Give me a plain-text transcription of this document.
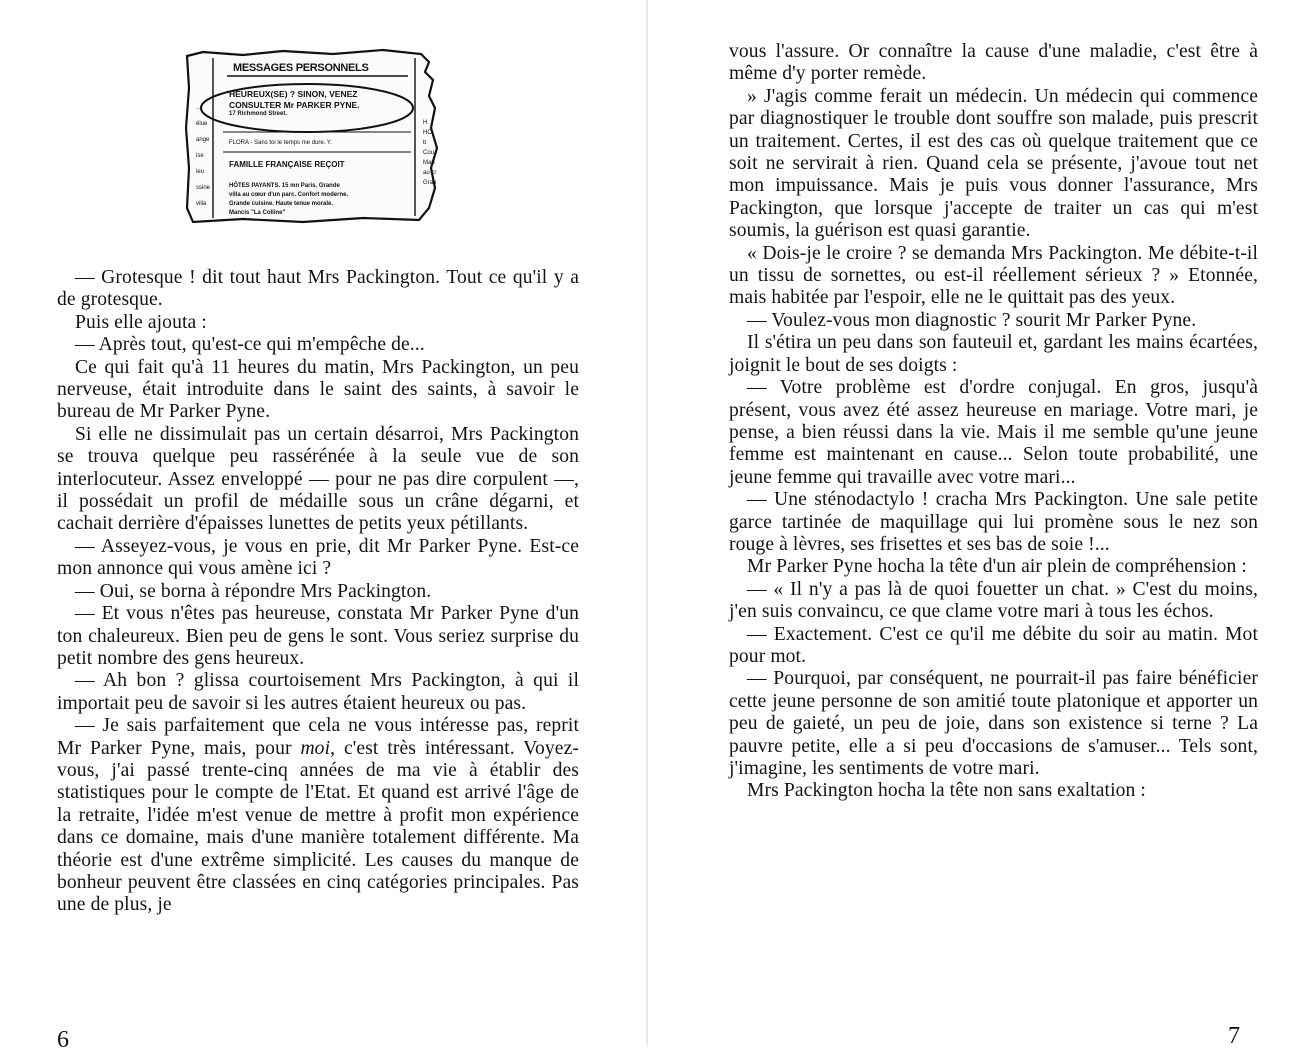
MESSAGES PERSONNELS
HEUREUX(SE) ? SINON, VENEZ
CONSULTER Mr PARKER PYNE.
17 Richmond Street.
FLORA - Sans toi le temps me dure. Y.
FAMILLE FRANÇAISE REÇOIT
HÔTES PAYANTS. 15 mn Paris. Grande
villa au cœur d'un parc. Confort moderne.
Grande cuisine. Haute tenue morale.
Mancis "La Colline"
…
élue
ange
ise
ieu
ssine
villa
H
HO
b
Cou
Man
au cr
Gran

— Grotesque ! dit tout haut Mrs Packington. Tout ce qu'il y a de grotesque.

Puis elle ajouta :

— Après tout, qu'est-ce qui m'empêche de...

Ce qui fait qu'à 11 heures du matin, Mrs Packington, un peu nerveuse, était introduite dans le saint des saints, à savoir le bureau de Mr Parker Pyne.

Si elle ne dissimulait pas un certain désarroi, Mrs Packington se trouva quelque peu rassérénée à la seule vue de son interlocuteur. Assez enveloppé — pour ne pas dire corpulent —, il possédait un profil de médaille sous un crâne dégarni, et cachait derrière d'épaisses lunettes de petits yeux pétillants.

— Asseyez-vous, je vous en prie, dit Mr Parker Pyne. Est-ce mon annonce qui vous amène ici ?

— Oui, se borna à répondre Mrs Packington.

— Et vous n'êtes pas heureuse, constata Mr Parker Pyne d'un ton chaleureux. Bien peu de gens le sont. Vous seriez surprise du petit nombre des gens heureux.

— Ah bon ? glissa courtoisement Mrs Packington, à qui il importait peu de savoir si les autres étaient heureux ou pas.

— Je sais parfaitement que cela ne vous intéresse pas, reprit Mr Parker Pyne, mais, pour moi, c'est très intéressant. Voyez-vous, j'ai passé trente-cinq années de ma vie à établir des statistiques pour le compte de l'Etat. Et quand est arrivé l'âge de la retraite, l'idée m'est venue de mettre à profit mon expérience dans ce domaine, mais d'une manière totalement différente. Ma théorie est d'une extrême simplicité. Les causes du manque de bonheur peuvent être classées en cinq catégories principales. Pas une de plus, je

6

vous l'assure. Or connaître la cause d'une maladie, c'est être à même d'y porter remède.

» J'agis comme ferait un médecin. Un médecin qui commence par diagnostiquer le trouble dont souffre son malade, puis prescrit un traitement. Certes, il est des cas où quelque traitement que ce soit ne servirait à rien. Quand cela se présente, j'avoue tout net mon impuissance. Mais je puis vous donner l'assurance, Mrs Packington, que lorsque j'accepte de traiter un cas qui m'est soumis, la guérison est quasi garantie.

« Dois-je le croire ? se demanda Mrs Packington. Me débite-t-il un tissu de sornettes, ou est-il réellement sérieux ? » Etonnée, mais habitée par l'espoir, elle ne le quittait pas des yeux.

— Voulez-vous mon diagnostic ? sourit Mr Parker Pyne.

Il s'étira un peu dans son fauteuil et, gardant les mains écartées, joignit le bout de ses doigts :

— Votre problème est d'ordre conjugal. En gros, jusqu'à présent, vous avez été assez heureuse en mariage. Votre mari, je pense, a bien réussi dans la vie. Mais il me semble qu'une jeune femme est maintenant en cause... Selon toute probabilité, une jeune femme qui travaille avec votre mari...

— Une sténodactylo ! cracha Mrs Packington. Une sale petite garce tartinée de maquillage qui lui promène sous le nez son rouge à lèvres, ses frisettes et ses bas de soie !...

Mr Parker Pyne hocha la tête d'un air plein de compréhension :

— « Il n'y a pas là de quoi fouetter un chat. » C'est du moins, j'en suis convaincu, ce que clame votre mari à tous les échos.

— Exactement. C'est ce qu'il me débite du soir au matin. Mot pour mot.

— Pourquoi, par conséquent, ne pourrait-il pas faire bénéficier cette jeune personne de son amitié toute platonique et apporter un peu de gaieté, un peu de joie, dans son existence si terne ? La pauvre petite, elle a si peu d'occasions de s'amuser... Tels sont, j'imagine, les sentiments de votre mari.

Mrs Packington hocha la tête non sans exaltation :

7
